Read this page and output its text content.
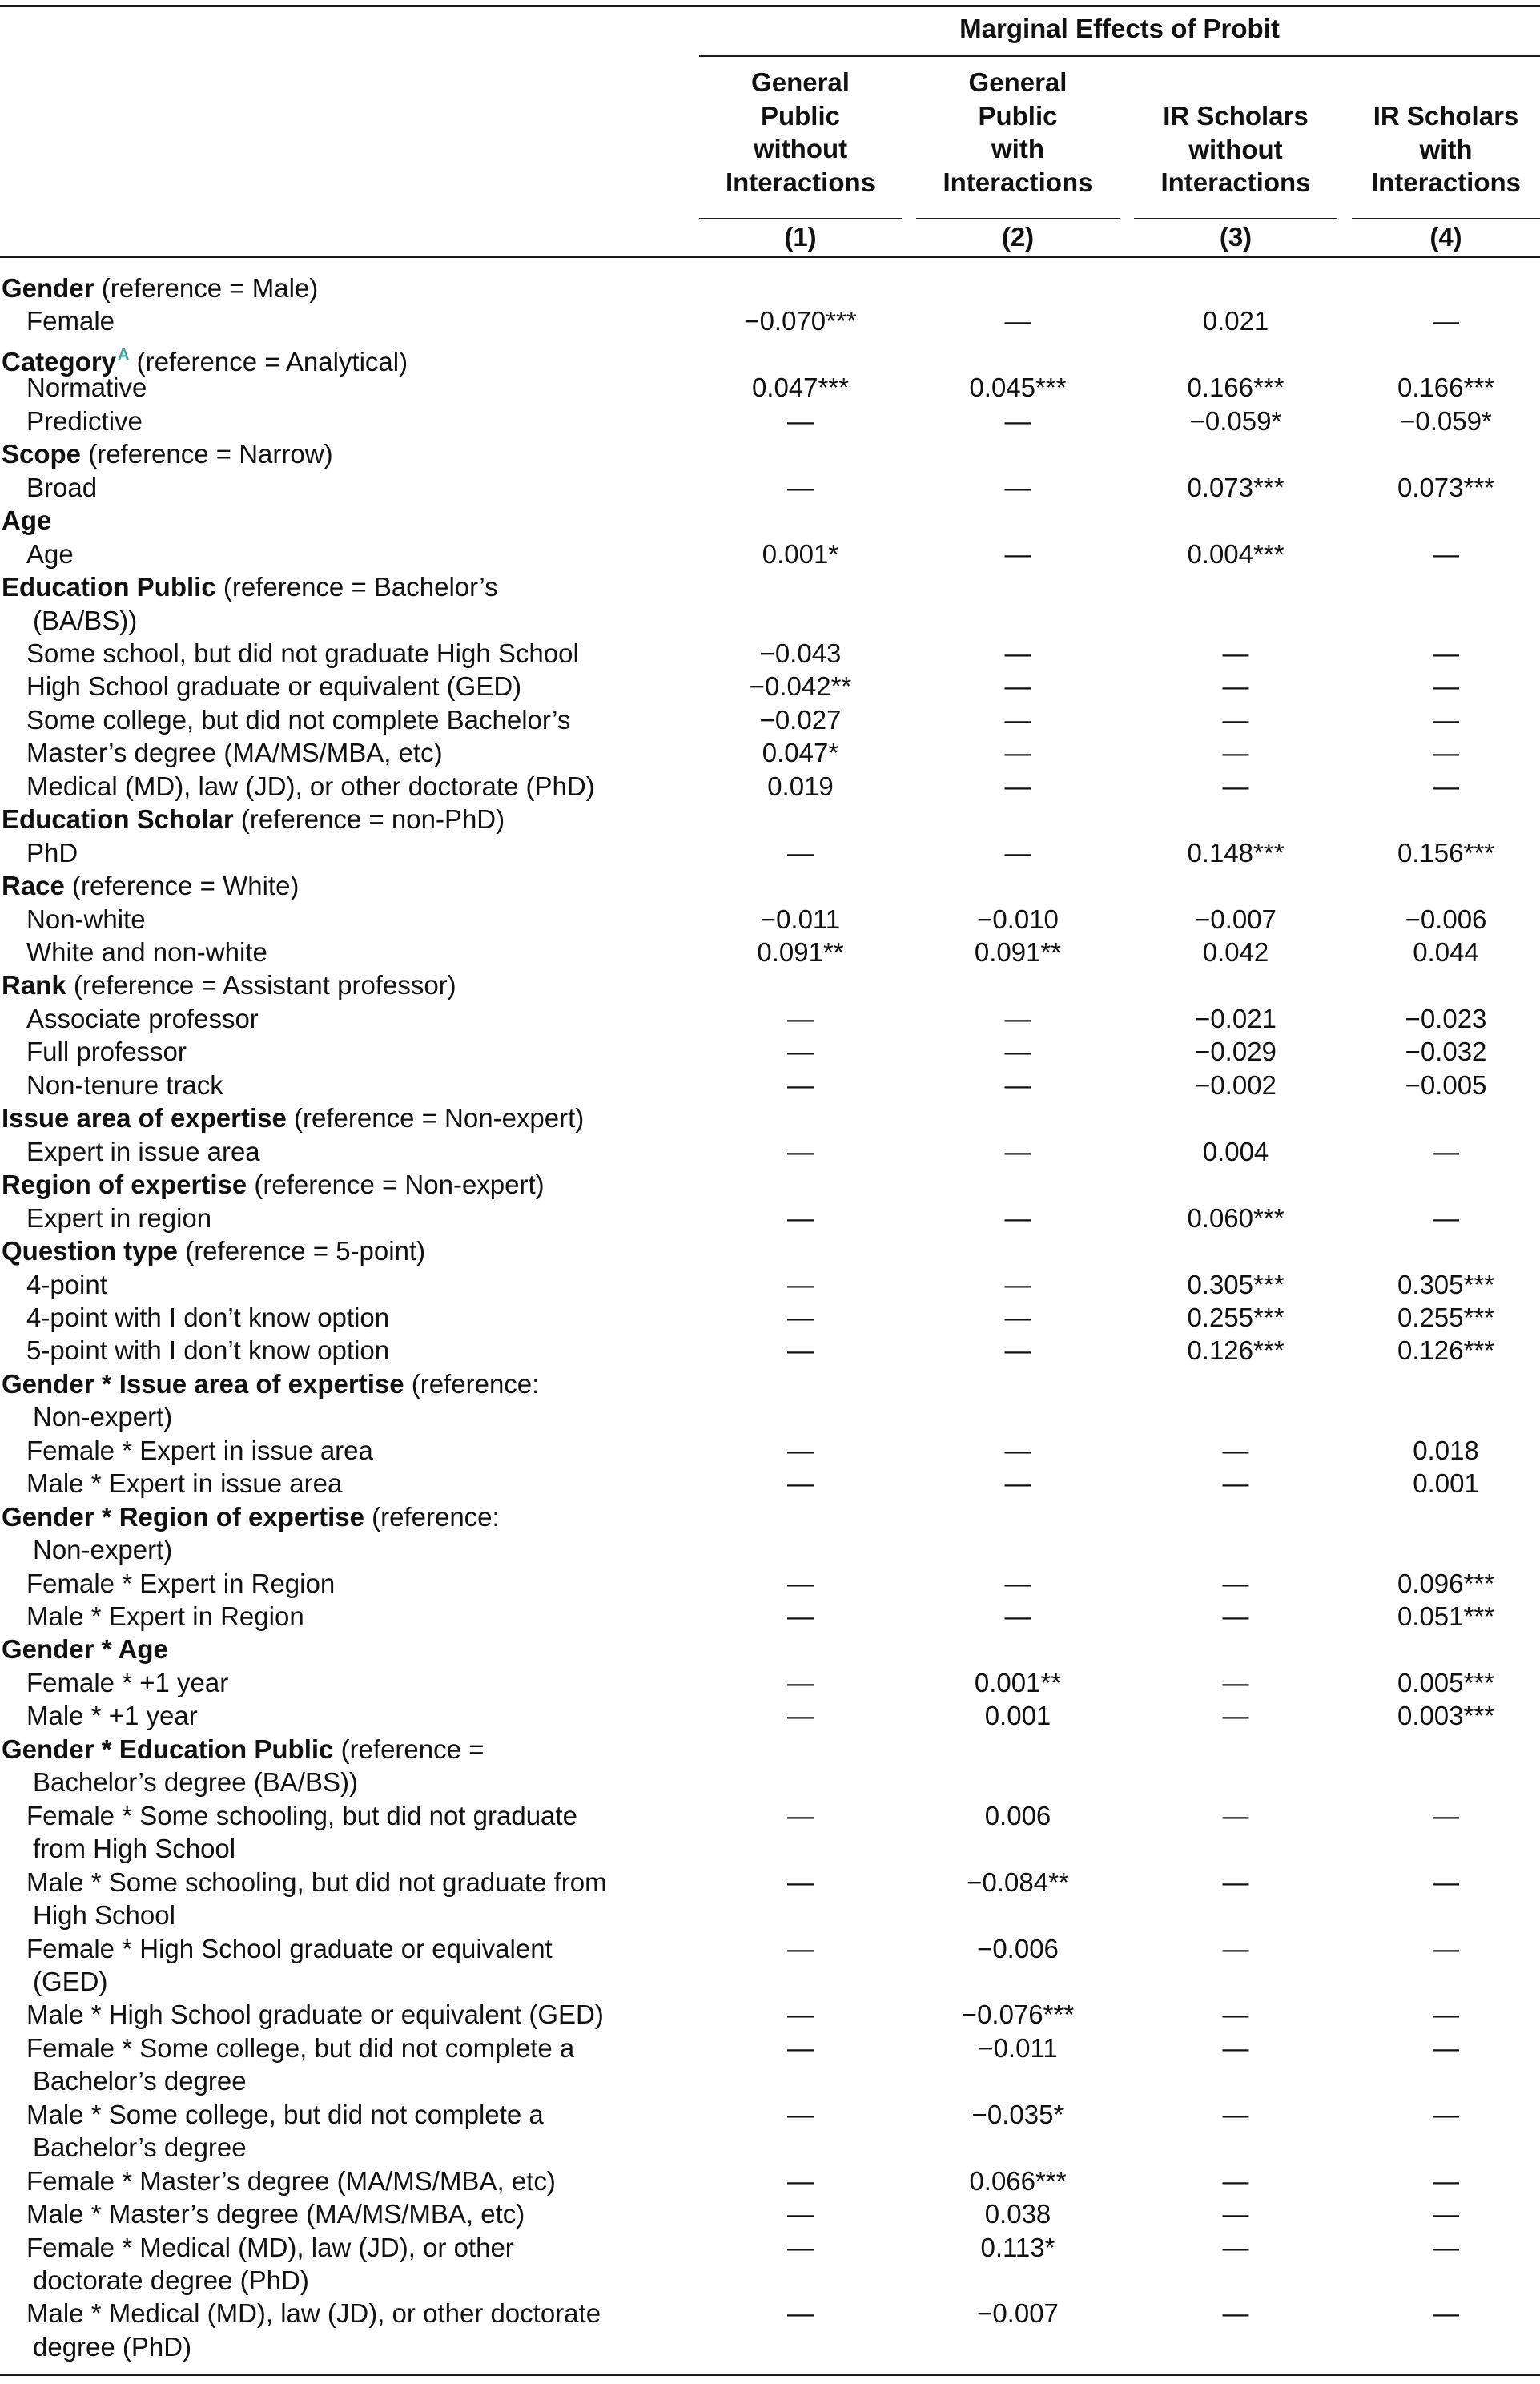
Marginal Effects of Probit
General
Public
without
Interactions
General
Public
with
Interactions
IR Scholars
without
Interactions
IR Scholars
with
Interactions
(1)	(2)	(3)	(4)
Gender (reference = Male)
Female	−0.070***	—	0.021	—
Category $^A$ (reference = Analytical)
Normative	0.047***	0.045***	0.166***	0.166***
Predictive	—	—	−0.059*	−0.059*
Scope (reference = Narrow)
Broad	—	—	0.073***	0.073***
Age
Age	0.001*	—	0.004***	—
Education Public (reference = Bachelor’s
(BA/BS))
Some school, but did not graduate High School	−0.043	—	—	—
High School graduate or equivalent (GED)	−0.042**	—	—	—
Some college, but did not complete Bachelor’s	−0.027	—	—	—
Master’s degree (MA/MS/MBA, etc)	0.047*	—	—	—
Medical (MD), law (JD), or other doctorate (PhD)	0.019	—	—	—
Education Scholar (reference = non-PhD)
PhD	—	—	0.148***	0.156***
Race (reference = White)
Non-white	−0.011	−0.010	−0.007	−0.006
White and non-white	0.091**	0.091**	0.042	0.044
Rank (reference = Assistant professor)
Associate professor	—	—	−0.021	−0.023
Full professor	—	—	−0.029	−0.032
Non-tenure track	—	—	−0.002	−0.005
Issue area of expertise (reference = Non-expert)
Expert in issue area	—	—	0.004	—
Region of expertise (reference = Non-expert)
Expert in region	—	—	0.060***	—
Question type (reference = 5-point)
4-point	—	—	0.305***	0.305***
4-point with I don’t know option	—	—	0.255***	0.255***
5-point with I don’t know option	—	—	0.126***	0.126***
Gender * Issue area of expertise (reference:
Non-expert)
Female * Expert in issue area	—	—	—	0.018
Male * Expert in issue area	—	—	—	0.001
Gender * Region of expertise (reference:
Non-expert)
Female * Expert in Region	—	—	—	0.096***
Male * Expert in Region	—	—	—	0.051***
Gender * Age
Female * +1 year	—	0.001**	—	0.005***
Male * +1 year	—	0.001	—	0.003***
Gender * Education Public (reference =
Bachelor’s degree (BA/BS))
Female * Some schooling, but did not graduate	—	0.006	—	—
from High School
Male * Some schooling, but did not graduate from	—	−0.084**	—	—
High School
Female * High School graduate or equivalent	—	−0.006	—	—
(GED)
Male * High School graduate or equivalent (GED)	—	−0.076***	—	—
Female * Some college, but did not complete a	—	−0.011	—	—
Bachelor’s degree
Male * Some college, but did not complete a	—	−0.035*	—	—
Bachelor’s degree
Female * Master’s degree (MA/MS/MBA, etc)	—	0.066***	—	—
Male * Master’s degree (MA/MS/MBA, etc)	—	0.038	—	—
Female * Medical (MD), law (JD), or other	—	0.113*	—	—
doctorate degree (PhD)
Male * Medical (MD), law (JD), or other doctorate	—	−0.007	—	—
degree (PhD)
